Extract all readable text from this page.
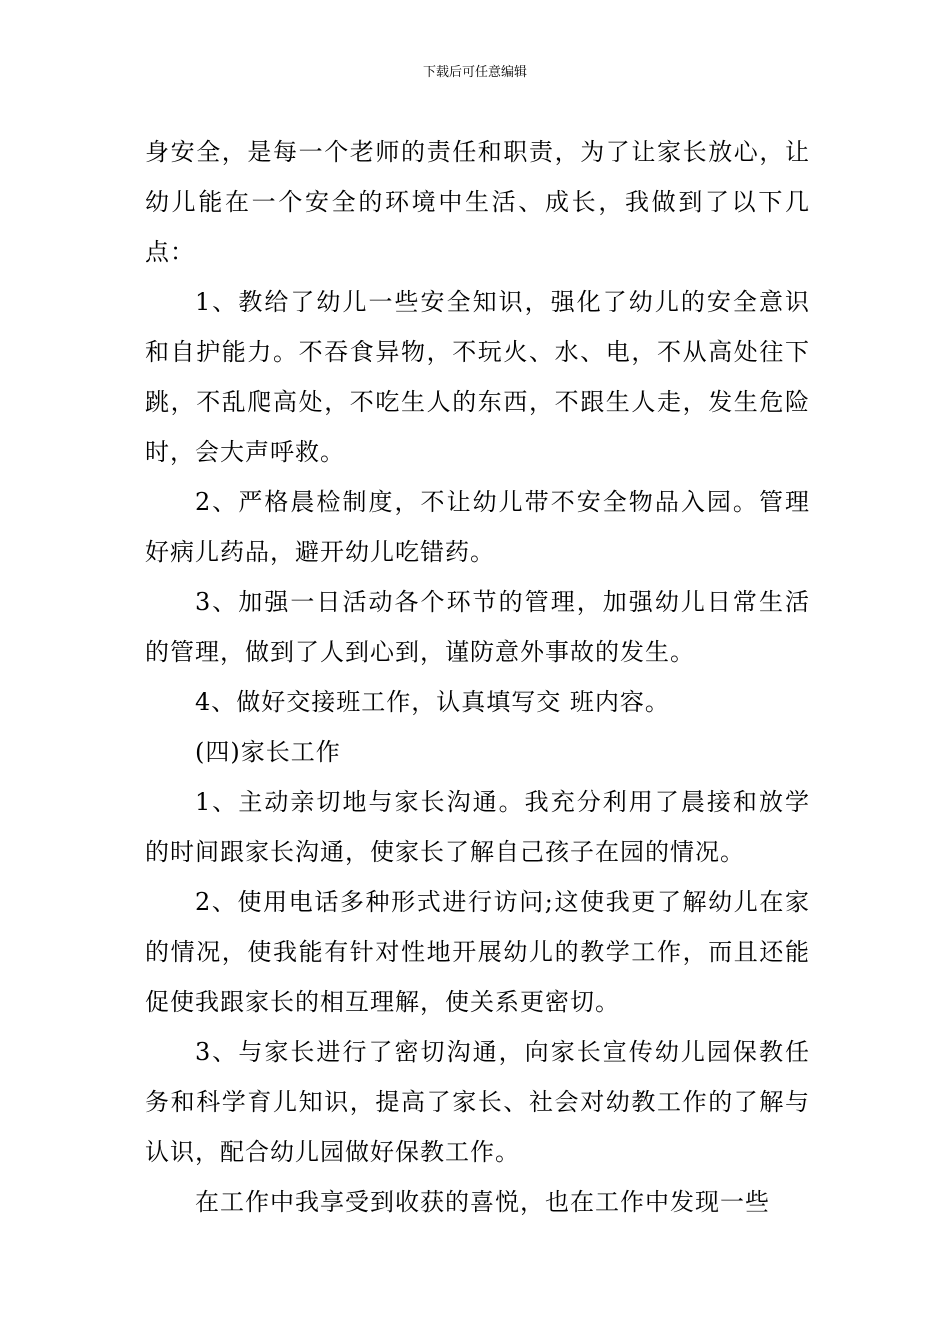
下载后可任意编辑

身安全，是每一个老师的责任和职责，为了让家长放心，让幼儿能在一个安全的环境中生活、成长，我做到了以下几点：

1、教给了幼儿一些安全知识，强化了幼儿的安全意识和自护能力。不吞食异物，不玩火、水、电，不从高处往下跳，不乱爬高处，不吃生人的东西，不跟生人走，发生危险时，会大声呼救。

2、严格晨检制度，不让幼儿带不安全物品入园。管理好病儿药品，避开幼儿吃错药。

3、加强一日活动各个环节的管理，加强幼儿日常生活的管理，做到了人到心到，谨防意外事故的发生。

4、做好交接班工作，认真填写交 班内容。

(四)家长工作

1、主动亲切地与家长沟通。我充分利用了晨接和放学的时间跟家长沟通，使家长了解自己孩子在园的情况。

2、使用电话多种形式进行访问;这使我更了解幼儿在家的情况，使我能有针对性地开展幼儿的教学工作，而且还能促使我跟家长的相互理解，使关系更密切。

3、与家长进行了密切沟通，向家长宣传幼儿园保教任务和科学育儿知识，提高了家长、社会对幼教工作的了解与认识，配合幼儿园做好保教工作。

在工作中我享受到收获的喜悦，也在工作中发现一些
